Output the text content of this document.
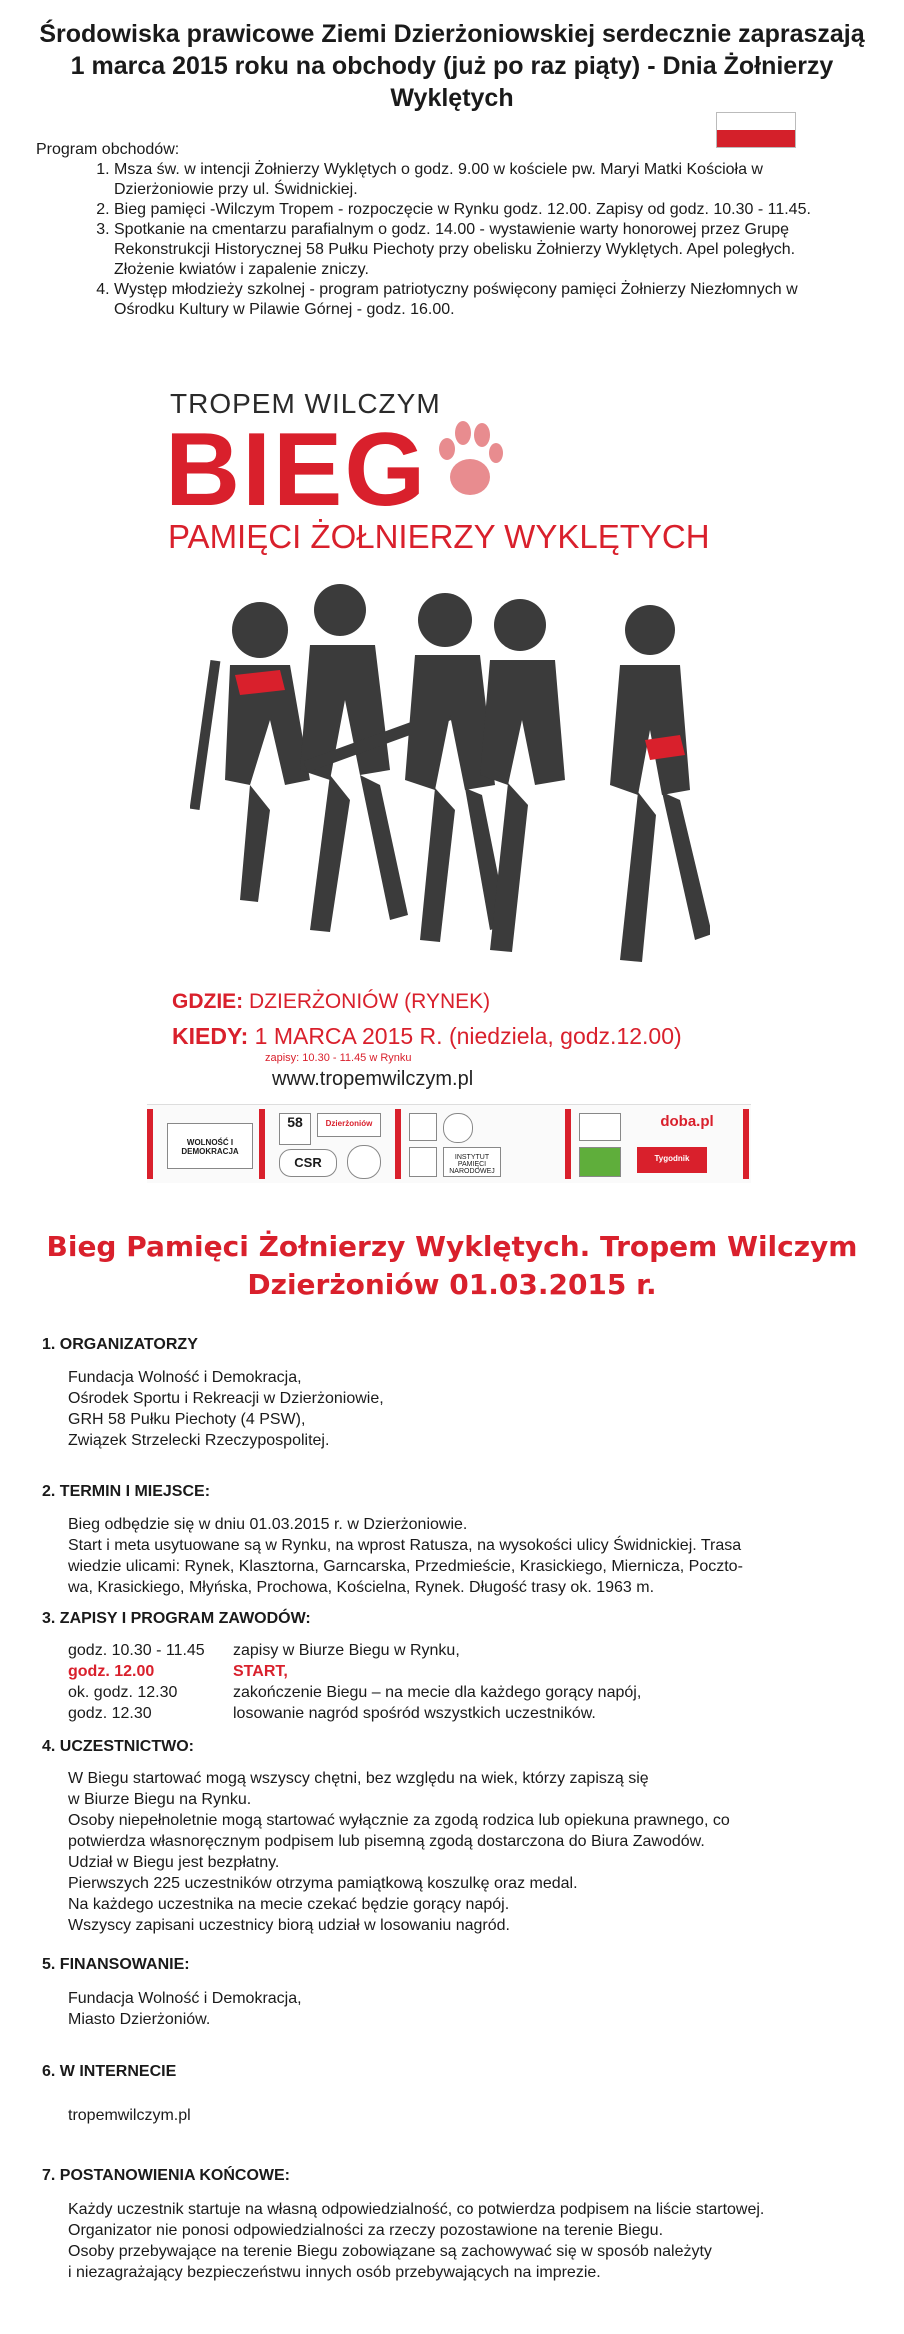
Środowiska prawicowe Ziemi Dzierżoniowskiej serdecznie zapraszają 1 marca 2015 roku na obchody (już po raz piąty) - Dnia Żołnierzy Wyklętych
Program obchodów:
1. Msza św. w intencji Żołnierzy Wyklętych o godz. 9.00 w kościele pw. Maryi Matki Kościoła w Dzierżoniowie przy ul. Świdnickiej.
2. Bieg pamięci -Wilczym Tropem - rozpoczęcie w Rynku godz. 12.00. Zapisy od godz. 10.30 - 11.45.
3. Spotkanie na cmentarzu parafialnym o godz. 14.00 - wystawienie warty honorowej przez Grupę Rekonstrukcji Historycznej 58 Pułku Piechoty przy obelisku Żołnierzy Wyklętych. Apel poległych. Złożenie kwiatów i zapalenie zniczy.
4. Występ młodzieży szkolnej - program patriotyczny poświęcony pamięci Żołnierzy Niezłomnych w Ośrodku Kultury w Pilawie Górnej - godz. 16.00.
TROPEM WILCZYM
BIEG
PAMIĘCI ŻOŁNIERZY WYKLĘTYCH
GDZIE: DZIERŻONIÓW (RYNEK)
KIEDY: 1 MARCA 2015 R. (niedziela, godz.12.00)
zapisy: 10.30 - 11.45 w Rynku
www.tropemwilczym.pl
WOLNOŚĆ I DEMOKRACJA
58	Dzierżoniów
CSR	INSTYTUT PAMIĘCI NARODOWEJ
doba.pl
Tygodnik
Bieg Pamięci Żołnierzy Wyklętych. Tropem Wilczym
Dzierżoniów 01.03.2015 r.
1. ORGANIZATORZY
Fundacja Wolność i Demokracja,
Ośrodek Sportu i Rekreacji w Dzierżoniowie,
GRH 58 Pułku Piechoty (4 PSW),
Związek Strzelecki Rzeczypospolitej.
2. TERMIN I MIEJSCE:
Bieg odbędzie się w dniu 01.03.2015 r. w Dzierżoniowie.
Start i meta usytuowane są w Rynku, na wprost Ratusza, na wysokości ulicy Świdnickiej. Trasa
wiedzie ulicami: Rynek, Klasztorna, Garncarska, Przedmieście, Krasickiego, Miernicza, Poczto-
wa, Krasickiego, Młyńska, Prochowa, Kościelna, Rynek. Długość trasy ok. 1963 m.
3. ZAPISY I PROGRAM ZAWODÓW:
godz. 10.30 - 11.45 zapisy w Biurze Biegu w Rynku,
godz. 12.00	START,
ok. godz. 12.30	zakończenie Biegu – na mecie dla każdego gorący napój,
godz. 12.30	losowanie nagród spośród wszystkich uczestników.
4. UCZESTNICTWO:
W Biegu startować mogą wszyscy chętni, bez względu na wiek, którzy zapiszą się
w Biurze Biegu na Rynku.
Osoby niepełnoletnie mogą startować wyłącznie za zgodą rodzica lub opiekuna prawnego, co
potwierdza własnoręcznym podpisem lub pisemną zgodą dostarczona do Biura Zawodów.
Udział w Biegu jest bezpłatny.
Pierwszych 225 uczestników otrzyma pamiątkową koszulkę oraz medal.
Na każdego uczestnika na mecie czekać będzie gorący napój.
Wszyscy zapisani uczestnicy biorą udział w losowaniu nagród.
5. FINANSOWANIE:
Fundacja Wolność i Demokracja,
Miasto Dzierżoniów.
6. W INTERNECIE
tropemwilczym.pl
7. POSTANOWIENIA KOŃCOWE:
Każdy uczestnik startuje na własną odpowiedzialność, co potwierdza podpisem na liście startowej.
Organizator nie ponosi odpowiedzialności za rzeczy pozostawione na terenie Biegu.
Osoby przebywające na terenie Biegu zobowiązane są zachowywać się w sposób należyty
i niezagrażający bezpieczeństwu innych osób przebywających na imprezie.
